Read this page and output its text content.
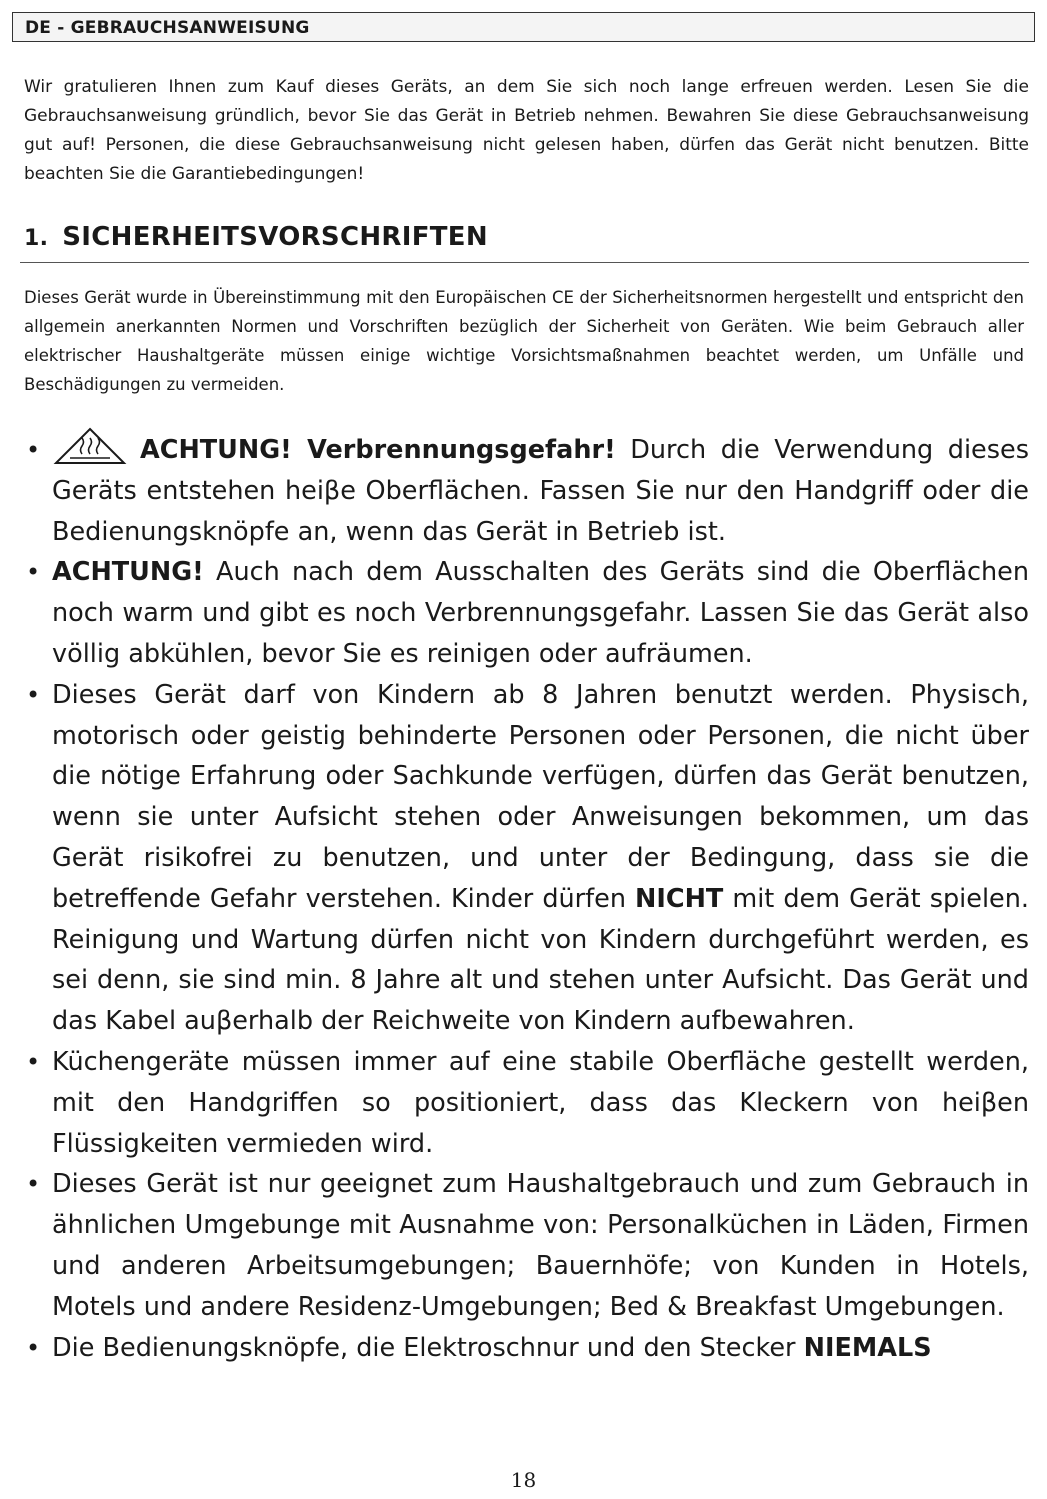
DE - GEBRAUCHSANWEISUNG
Wir gratulieren Ihnen zum Kauf dieses Geräts, an dem Sie sich noch lange erfreuen werden. Lesen Sie die Gebrauchsanweisung gründlich, bevor Sie das Gerät in Betrieb nehmen. Bewahren Sie diese Gebrauchsanweisung gut auf! Personen, die diese Gebrauchsanweisung nicht gelesen haben, dürfen das Gerät nicht benutzen. Bitte beachten Sie die Garantiebedingungen!
1. SICHERHEITSVORSCHRIFTEN
Dieses Gerät wurde in Übereinstimmung mit den Europäischen CE der Sicherheitsnormen hergestellt und entspricht den allgemein anerkannten Normen und Vorschriften bezüglich der Sicherheit von Geräten. Wie beim Gebrauch aller elektrischer Haushaltgeräte müssen einige wichtige Vorsichtsmaßnahmen beachtet werden, um Unfälle und Beschädigungen zu vermeiden.
•	ACHTUNG! Verbrennungsgefahr! Durch die Verwendung dieses Geräts entstehen heiβe Oberflächen. Fassen Sie nur den Handgriff oder die Bedienungsknöpfe an, wenn das Gerät in Betrieb ist.
• ACHTUNG! Auch nach dem Ausschalten des Geräts sind die Oberflächen noch warm und gibt es noch Verbrennungsgefahr. Lassen Sie das Gerät also völlig abkühlen, bevor Sie es reinigen oder aufräumen.
• Dieses Gerät darf von Kindern ab 8 Jahren benutzt werden. Physisch, motorisch oder geistig behinderte Personen oder Personen, die nicht über die nötige Erfahrung oder Sachkunde verfügen, dürfen das Gerät benutzen, wenn sie unter Aufsicht stehen oder Anweisungen bekommen, um das Gerät risikofrei zu benutzen, und unter der Bedingung, dass sie die betreffende Gefahr verstehen. Kinder dürfen NICHT mit dem Gerät spielen. Reinigung und Wartung dürfen nicht von Kindern durchgeführt werden, es sei denn, sie sind min. 8 Jahre alt und stehen unter Aufsicht. Das Gerät und das Kabel auβerhalb der Reichweite von Kindern aufbewahren.
• Küchengeräte müssen immer auf eine stabile Oberfläche gestellt werden, mit den Handgriffen so positioniert, dass das Kleckern von heiβen Flüssigkeiten vermieden wird.
• Dieses Gerät ist nur geeignet zum Haushaltgebrauch und zum Gebrauch in ähnlichen Umgebunge mit Ausnahme von: Personalküchen in Läden, Firmen und anderen Arbeitsumgebungen; Bauernhöfe; von Kunden in Hotels, Motels und andere Residenz-Umgebungen; Bed & Breakfast Umgebungen.
• Die Bedienungsknöpfe, die Elektroschnur und den Stecker NIEMALS
18
